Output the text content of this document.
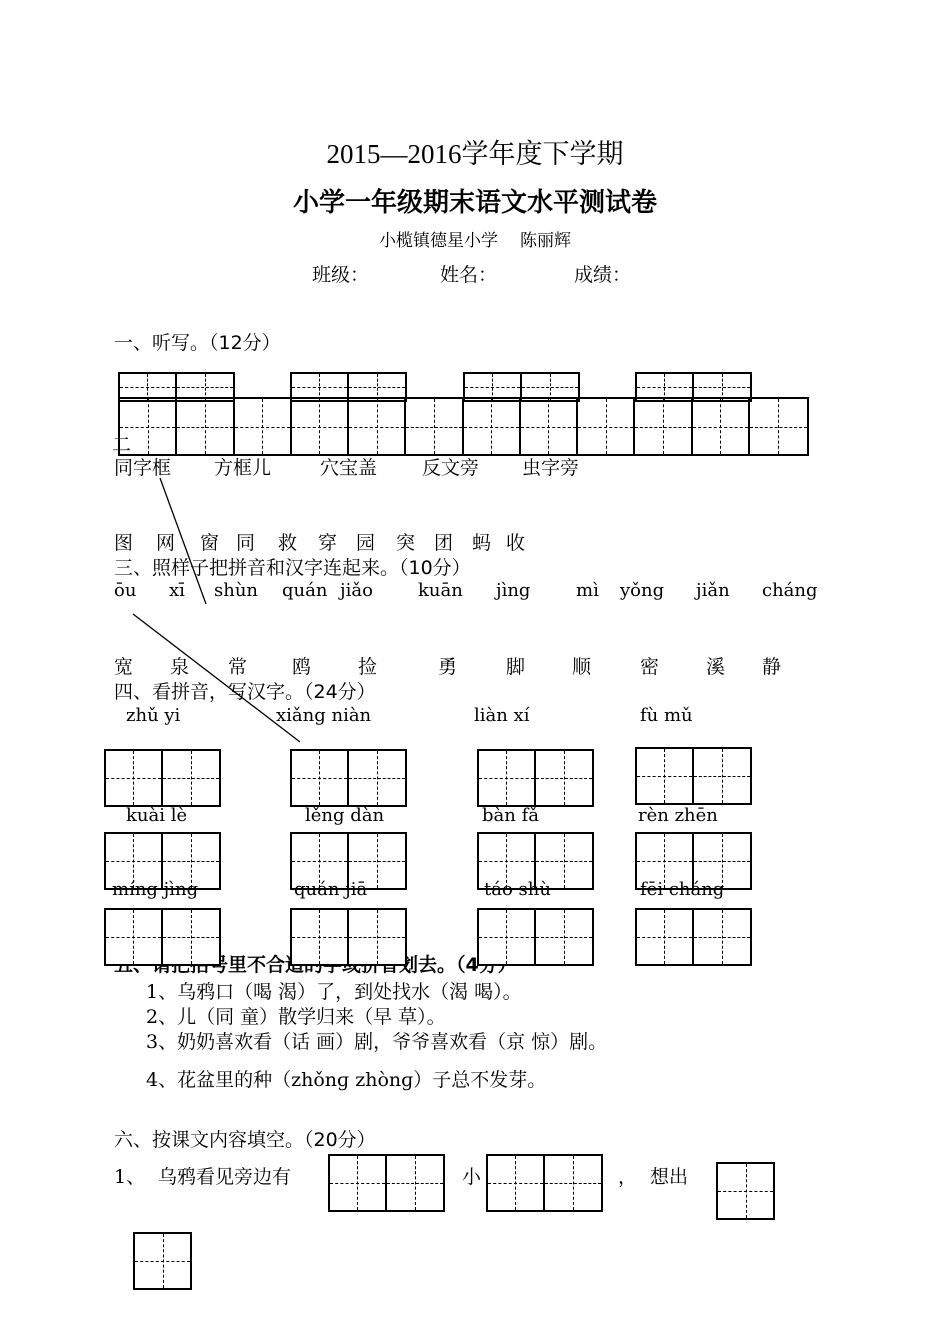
2015—2016学年度下学期
小学一年级期末语文水平测试卷
小榄镇德星小学 陈丽辉
班级：	姓名：	成绩：
一、听写。（12分）
二
同字框 方框儿	穴宝盖 反文旁 虫字旁
图 网 窗 同 救 穿 园 突 团 蚂 收
三、照样子把拼音和汉字连起来。（10分）
ōu xī shùn quán jiǎo	kuān jìng	mì yǒng jiǎn cháng
宽 泉 常 鸥 捡	勇	脚 顺	密 溪 静
四、看拼音，写汉字。（24分）
zhǔ yi	xiǎng niàn	liàn xí	fù mǔ
kuài lè	lěng dàn	bàn fǎ	rèn zhēn
míng jìng	quán jiā	táo shù	fēi cháng
1、乌鸦口（喝 渴）了，到处找水（渴 喝）。
2、儿（同 童）散学归来（早 草）。
3、奶奶喜欢看（话 画）剧，爷爷喜欢看（京 惊）剧。
4、花盆里的种（zhǒnɡ zhònɡ）子总不发芽。
六、按课文内容填空。（20分）
1、 乌鸦看见旁边有	小	， 想出
